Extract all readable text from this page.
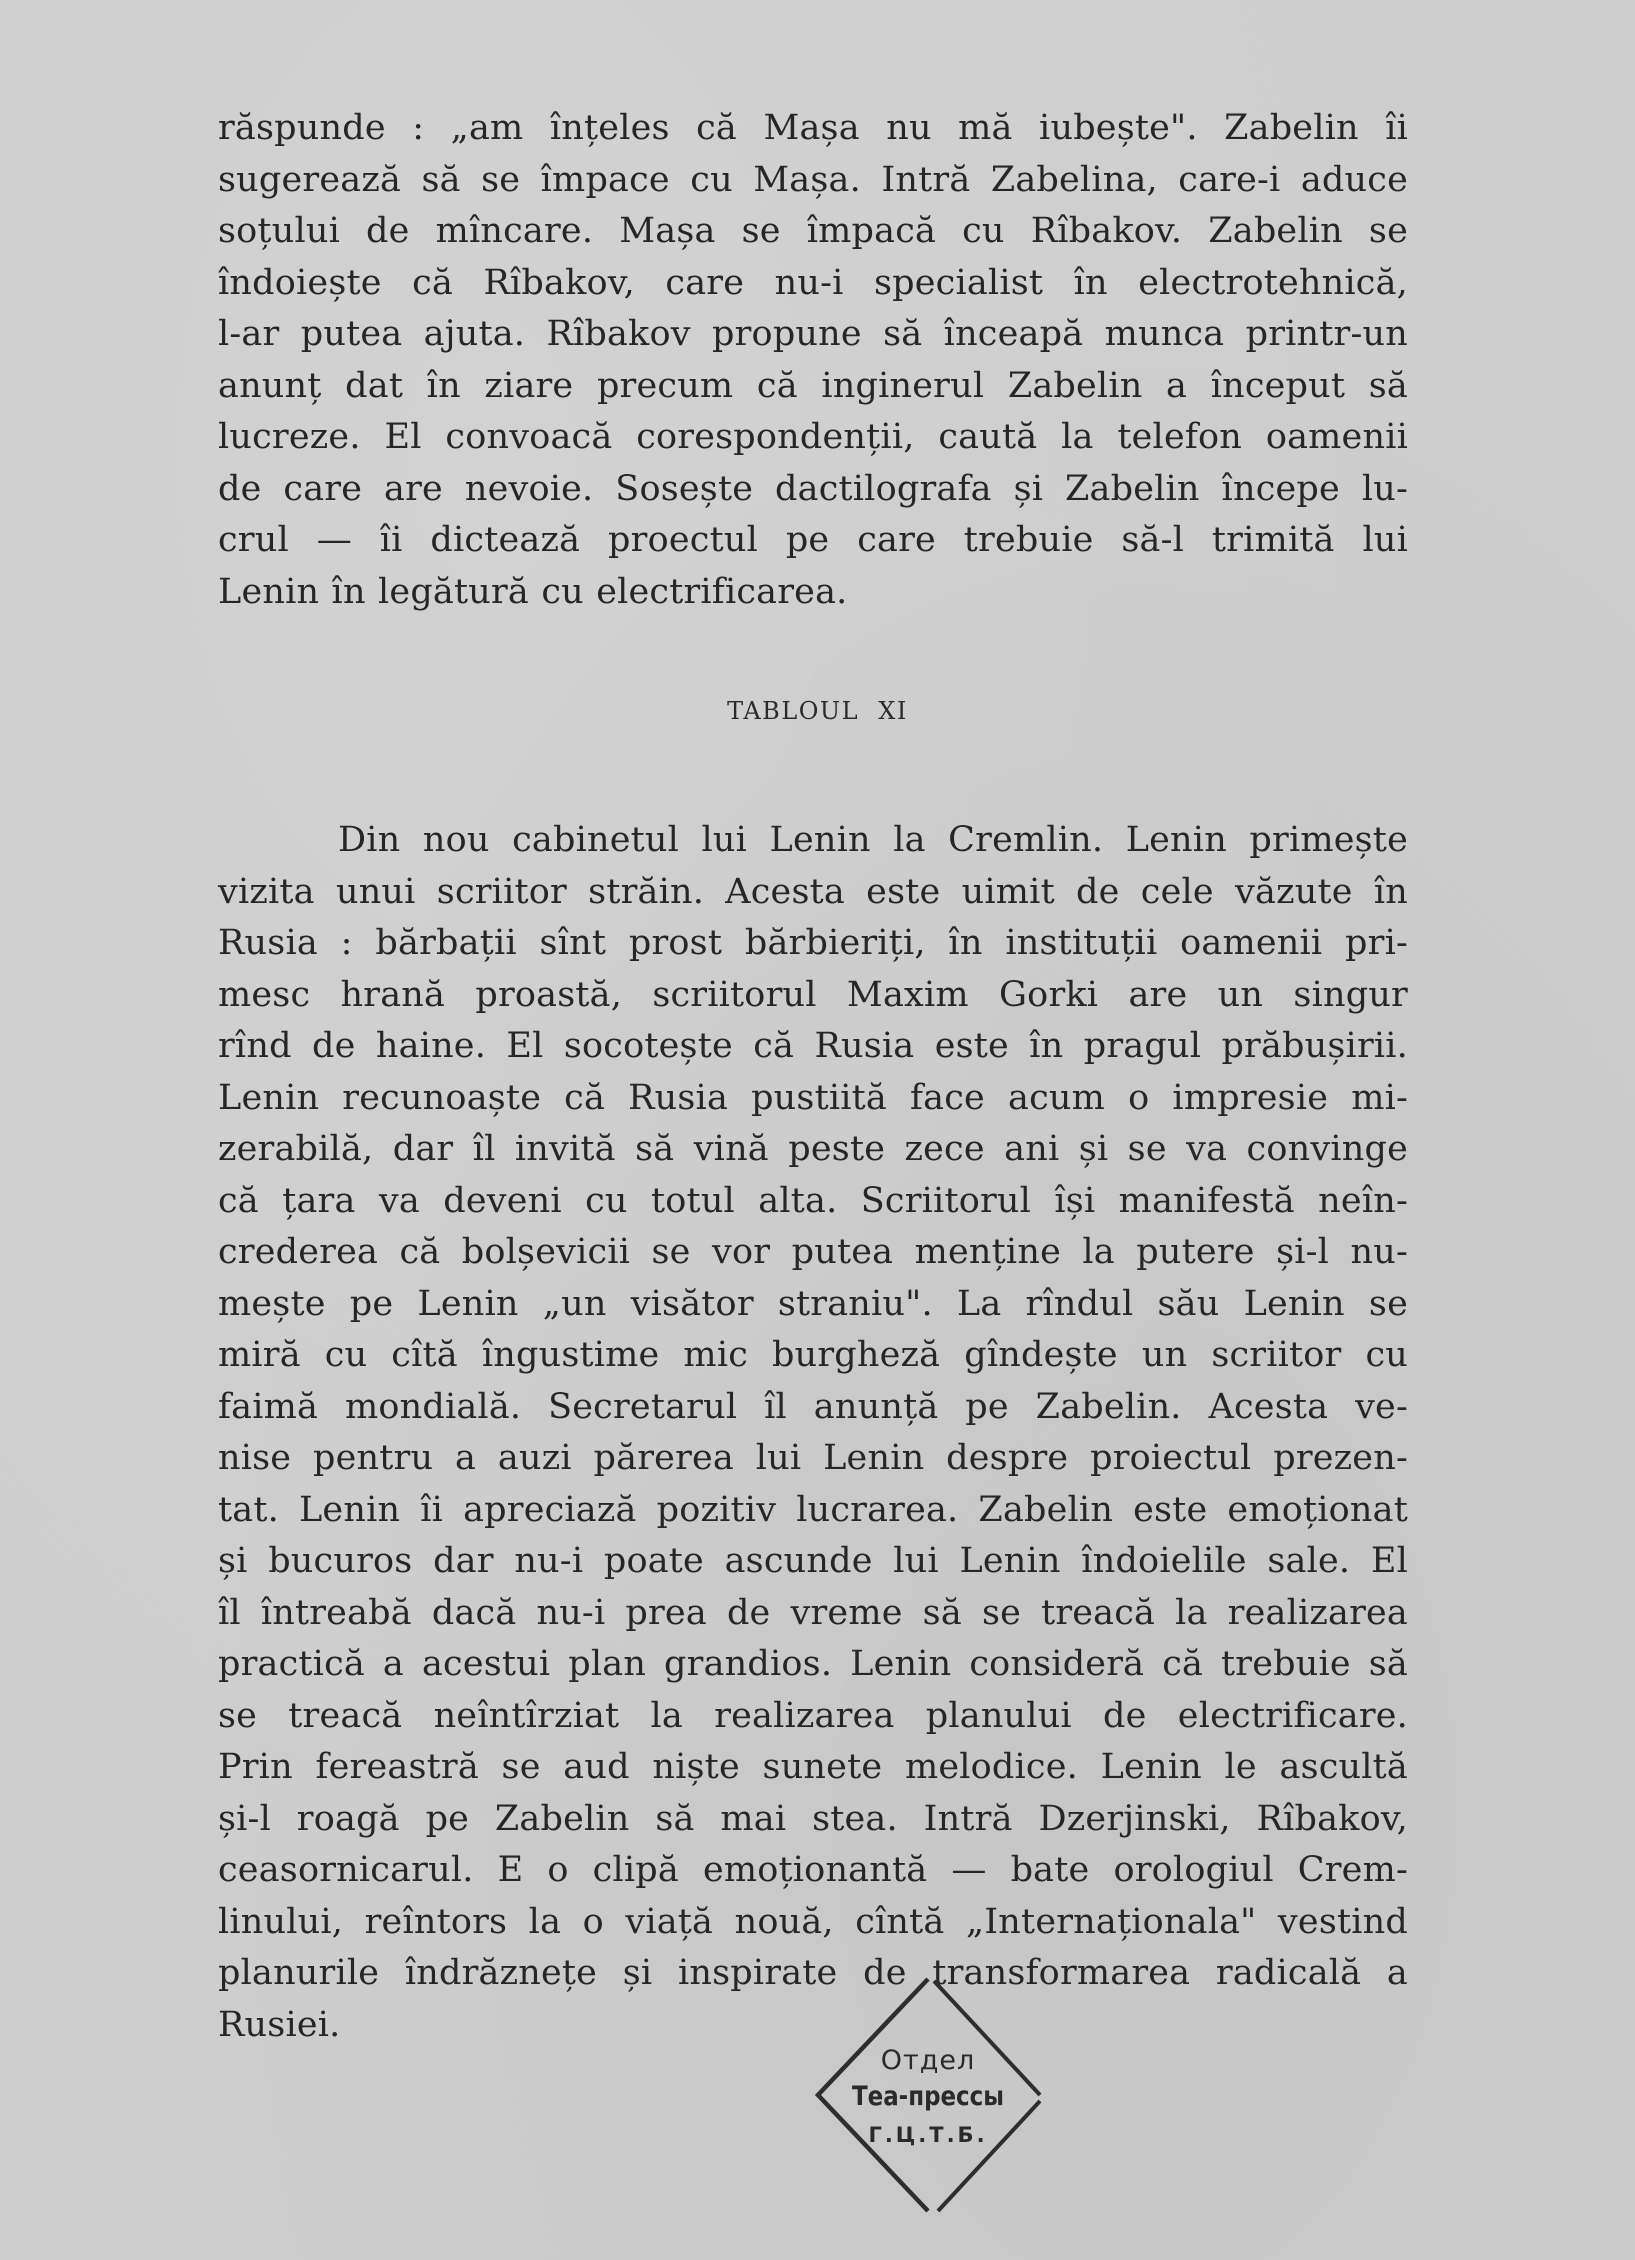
răspunde : „am înțeles că Mașa nu mă iubește". Zabelin îi
sugerează să se împace cu Mașa. Intră Zabelina, care-i aduce
soțului de mîncare. Mașa se împacă cu Rîbakov. Zabelin se
îndoiește că Rîbakov, care nu-i specialist în electrotehnică,
l-ar putea ajuta. Rîbakov propune să înceapă munca printr-un
anunț dat în ziare precum că inginerul Zabelin a început să
lucreze. El convoacă corespondenții, caută la telefon oamenii
de care are nevoie. Sosește dactilografa și Zabelin începe lu-
crul — îi dictează proectul pe care trebuie să-l trimită lui
Lenin în legătură cu electrificarea.
TABLOUL XI
Din nou cabinetul lui Lenin la Cremlin. Lenin primește
vizita unui scriitor străin. Acesta este uimit de cele văzute în
Rusia : bărbații sînt prost bărbieriți, în instituții oamenii pri-
mesc hrană proastă, scriitorul Maxim Gorki are un singur
rînd de haine. El socotește că Rusia este în pragul prăbușirii.
Lenin recunoaște că Rusia pustiită face acum o impresie mi-
zerabilă, dar îl invită să vină peste zece ani și se va convinge
că țara va deveni cu totul alta. Scriitorul își manifestă neîn-
crederea că bolșevicii se vor putea menține la putere și-l nu-
mește pe Lenin „un visător straniu". La rîndul său Lenin se
miră cu cîtă îngustime mic burgheză gîndește un scriitor cu
faimă mondială. Secretarul îl anunță pe Zabelin. Acesta ve-
nise pentru a auzi părerea lui Lenin despre proiectul prezen-
tat. Lenin îi apreciază pozitiv lucrarea. Zabelin este emoționat
și bucuros dar nu-i poate ascunde lui Lenin îndoielile sale. El
îl întreabă dacă nu-i prea de vreme să se treacă la realizarea
practică a acestui plan grandios. Lenin consideră că trebuie să
se treacă neîntîrziat la realizarea planului de electrificare.
Prin fereastră se aud niște sunete melodice. Lenin le ascultă
și-l roagă pe Zabelin să mai stea. Intră Dzerjinski, Rîbakov,
ceasornicarul. E o clipă emoționantă — bate orologiul Crem-
linului, reîntors la o viață nouă, cîntă „Internaționala" vestind
planurile îndrăznețe și inspirate de transformarea radicală a
Rusiei.
Отдел
Теа-прессы
Г.Ц.Т.Б.
